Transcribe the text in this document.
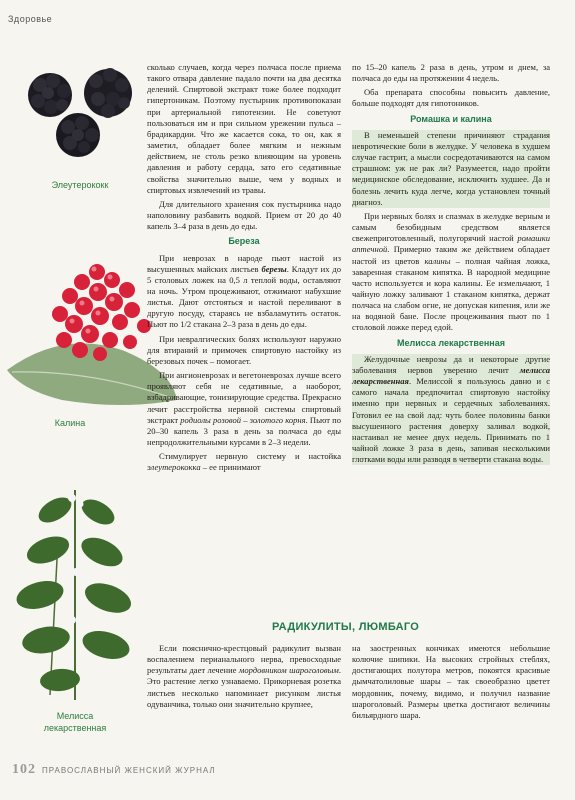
Здоровье
Элеутерококк
Калина
Мелисса
лекарственная

сколько случаев, когда через полчаса после приема такого отвара давление падало почти на два десятка делений. Спиртовой экстракт тоже более подходит гипертоникам. Поэтому пустырник противопоказан при артериальной гипотензии. Не советуют пользоваться им и при сильном урежении пульса – брадикардии. Что же касается сока, то он, как я заметил, обладает более мягким и нежным действием, не столь резко влияющим на уровень давления и работу сердца, зато его седативные свойства значительно выше, чем у водных и спиртовых извлечений из травы.

Для длительного хранения сок пустырника надо наполовину разбавить водкой. Прием от 20 до 40 капель 3–4 раза в день до еды.

Береза

При неврозах в народе пьют настой из высушенных майских листьев березы. Кладут их до 5 столовых ложек на 0,5 л теплой воды, оставляют на ночь. Утром процеживают, отжимают набухшие листья. Дают отстояться и настой переливают в другую посуду, стараясь не взбаламутить остаток. Пьют по 1/2 стакана 2–3 раза в день до еды.

При невралгических болях используют наружно для втираний и примочек спиртовую настойку из березовых почек – помогает.

При ангионеврозах и вегетоневрозах лучше всего проявляют себя не седативные, а наоборот, взбадривающие, тонизирующие средства. Прекрасно лечит расстройства нервной системы спиртовый экстракт родиолы розовой – золотого корня. Пьют по 20–30 капель 3 раза в день за полчаса до еды непродолжительными курсами в 2–3 недели.

Стимулирует нервную систему и настойка элеутерококка – ее принимают

по 15–20 капель 2 раза в день, утром и днем, за полчаса до еды на протяжении 4 недель.

Оба препарата способны повысить давление, больше подходят для гипотоников.

Ромашка и калина

В неменьшей степени причиняют страдания невротические боли в желудке. У человека в худшем случае гастрит, а мысли сосредотачиваются на самом страшном: уж не рак ли? Разумеется, надо пройти медицинское обследование, исключить худшее. Да и болезнь лечить куда легче, когда установлен точный диагноз.

При нервных болях и спазмах в желудке верным и самым безобидным средством является свежеприготовленный, полугорячий настой ромашки аптечной. Примерно таким же действием обладает настой из цветов калины – полная чайная ложка, заваренная стаканом кипятка. В народной медицине часто используется и кора калины. Ее измельчают, 1 чайную ложку заливают 1 стаканом кипятка, держат полчаса на слабом огне, не допуская кипения, или же на водяной бане. После процеживания пьют по 1 столовой ложке перед едой.

Мелисса лекарственная

Желудочные неврозы да и некоторые другие заболевания нервов уверенно лечит мелисса лекарственная. Мелиссой я пользуюсь давно и с самого начала предпочитал спиртовую настойку именно при нервных и сердечных заболеваниях. Готовил ее на свой лад: чуть более половины банки высушенного растения доверху заливал водкой, настаивал не менее двух недель. Принимать по 1 чайной ложке 3 раза в день, запивая несколькими глотками воды или разводя в четверти стакана воды.

РАДИКУЛИТЫ, ЛЮМБАГО

Если пояснично-крестцовый радикулит вызван воспалением перианального нерва, превосходные результаты дает лечение мордовником шароголовым. Это растение легко узнаваемо. Прикорневая розетка листьев несколько напоминает рисунком листья одуванчика, только они значительно крупнее,

на заостренных кончиках имеются небольшие колючие шипики. На высоких стройных стеблях, достигающих полутора метров, покоятся красивые дымчатолиловые шары – так своеобразно цветет мордовник, почему, видимо, и получил название шароголовый. Размеры цветка достигают величины бильярдного шара.

102 ПРАВОСЛАВНЫЙ ЖЕНСКИЙ ЖУРНАЛ
